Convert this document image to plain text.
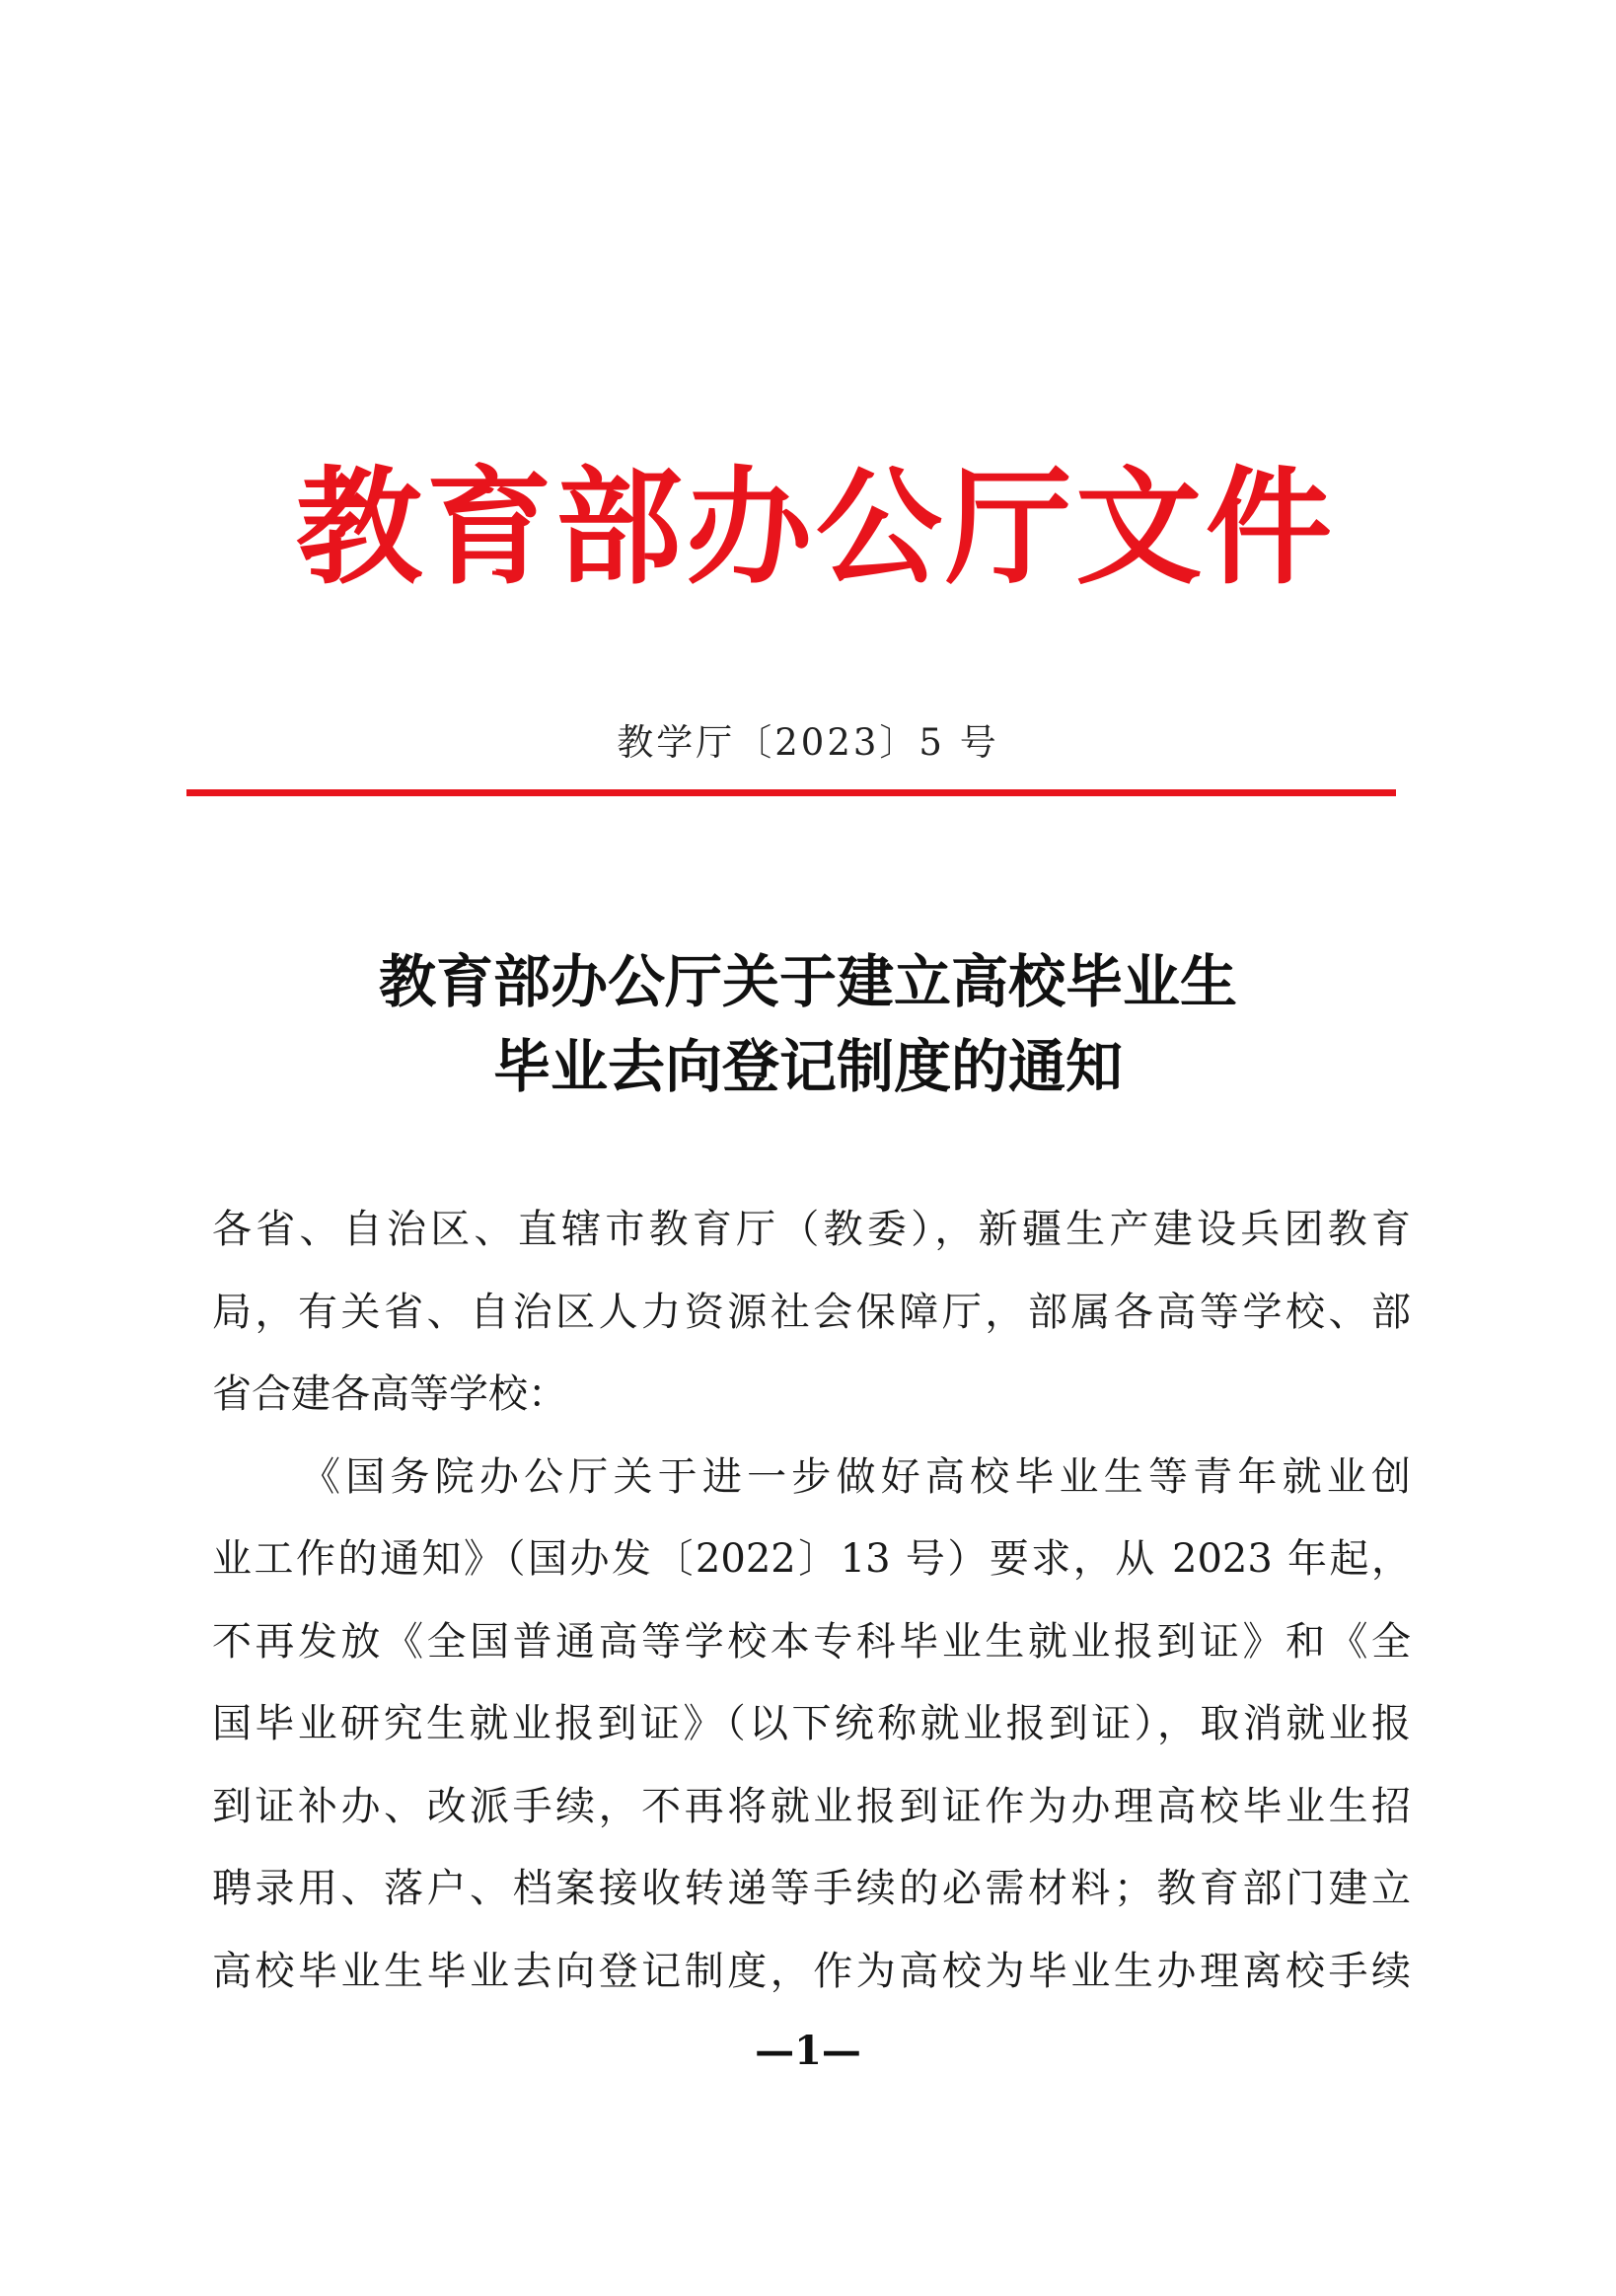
教 育 部 办 公 厅 文 件
教学厅〔2023〕5 号
教育部办公厅关于建立高校毕业生
毕业去向登记制度的通知
各省、自治区、直辖市教育厅（教委），新疆生产建设兵团教育
局，有关省、自治区人力资源社会保障厅，部属各高等学校、部
省合建各高等学校：
《国务院办公厅关于进一步做好高校毕业生等青年就业创
业工作的通知》（国办发〔2022〕13 号）要求，从 2023 年起，
不再发放《全国普通高等学校本专科毕业生就业报到证》和《全
国毕业研究生就业报到证》（以下统称就业报到证），取消就业报
到证补办、改派手续，不再将就业报到证作为办理高校毕业生招
聘录用、落户、档案接收转递等手续的必需材料；教育部门建立
高校毕业生毕业去向登记制度，作为高校为毕业生办理离校手续
—1—
